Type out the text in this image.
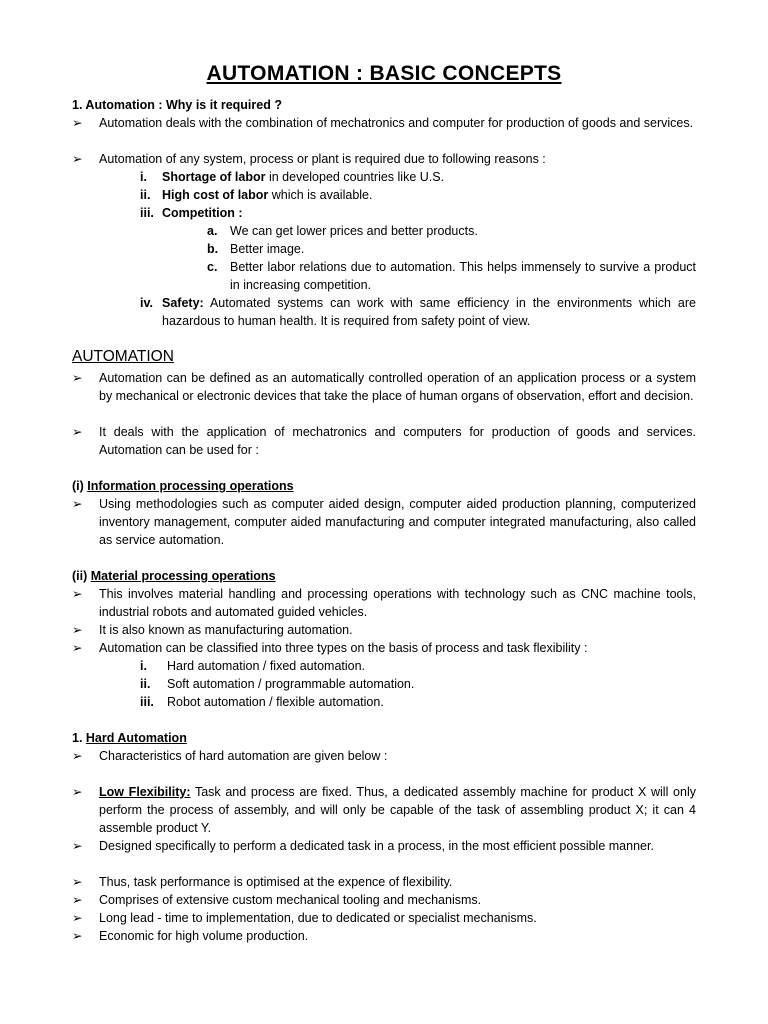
AUTOMATION : BASIC CONCEPTS
1. Automation : Why is it required ?
➢	Automation deals with the combination of mechatronics and computer for production of goods and services.
➢	Automation of any system, process or plant is required due to following reasons :
i.	Shortage of labor in developed countries like U.S.
ii. High cost of labor which is available.
iii. Competition :
a.	We can get lower prices and better products.
b. Better image.
c.	Better labor relations due to automation. This helps immensely to survive a product in increasing competition.
iv. Safety: Automated systems can work with same efficiency in the environments which are hazardous to human health. It is required from safety point of view.
AUTOMATION
➢	Automation can be defined as an automatically controlled operation of an application process or a system by mechanical or electronic devices that take the place of human organs of observation, effort and decision.
➢	It deals with the application of mechatronics and computers for production of goods and services. Automation can be used for :
(i) Information processing operations
➢	Using methodologies such as computer aided design, computer aided production planning, computerized inventory management, computer aided manufacturing and computer integrated manufacturing, also called as service automation.
(ii) Material processing operations
➢	This involves material handling and processing operations with technology such as CNC machine tools, industrial robots and automated guided vehicles.
➢	It is also known as manufacturing automation.
➢	Automation can be classified into three types on the basis of process and task flexibility :
i.	Hard automation / fixed automation.
ii.	Soft automation / programmable automation.
iii.	Robot automation / flexible automation.
1. Hard Automation
➢	Characteristics of hard automation are given below :
➢	Low Flexibility: Task and process are fixed. Thus, a dedicated assembly machine for product X will only perform the process of assembly, and will only be capable of the task of assembling product X; it can 4 assemble product Y.
➢	Designed specifically to perform a dedicated task in a process, in the most efficient possible manner.
➢	Thus, task performance is optimised at the expence of flexibility.
➢	Comprises of extensive custom mechanical tooling and mechanisms.
➢	Long lead - time to implementation, due to dedicated or specialist mechanisms.
➢	Economic for high volume production.
